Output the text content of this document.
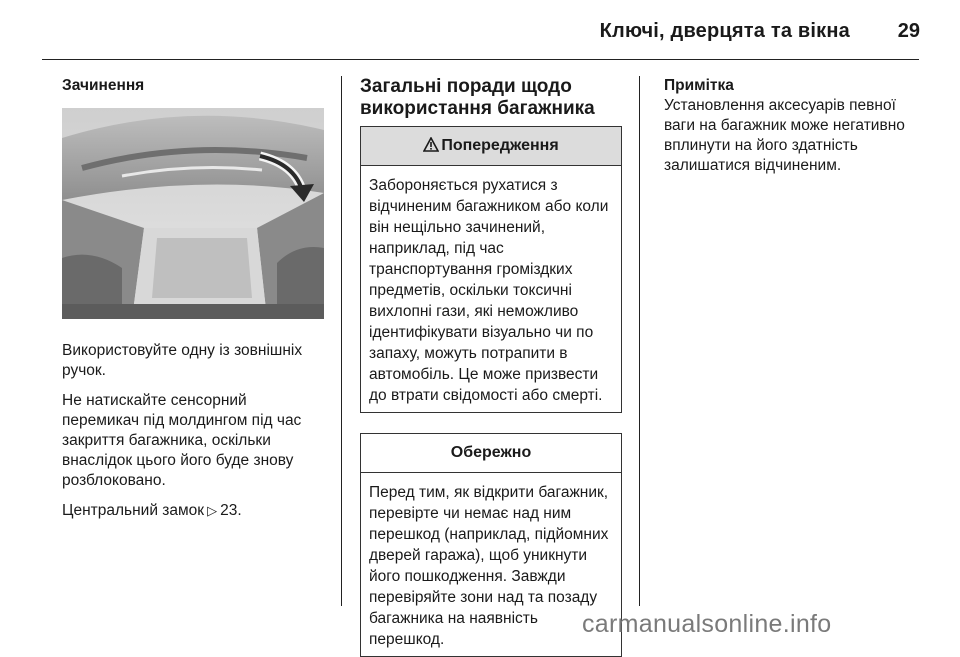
Ключі, дверцята та вікна	29
Зачинення

Використовуйте одну із зовнішніх ручок.

Не натискайте сенсорний перемикач під молдингом під час закриття багажника, оскільки внаслідок цього його буде знову розблоковано.

Центральний замок ▷ 23.

Загальні поради щодо використання багажника
Попередження
Забороняється рухатися з відчиненим багажником або коли він нещільно зачинений, наприклад, під час транспортування громіздких предметів, оскільки токсичні вихлопні гази, які неможливо ідентифікувати візуально чи по запаху, можуть потрапити в автомобіль. Це може призвести до втрати свідомості або смерті.
Обережно
Перед тим, як відкрити багажник, перевірте чи немає над ним перешкод (наприклад, підйомних дверей гаража), щоб уникнути його пошкодження. Завжди перевіряйте зони над та позаду багажника на наявність перешкод.
Примітка
Установлення аксесуарів певної ваги на багажник може негативно вплинути на його здатність залишатися відчиненим.
carmanualsonline.info
